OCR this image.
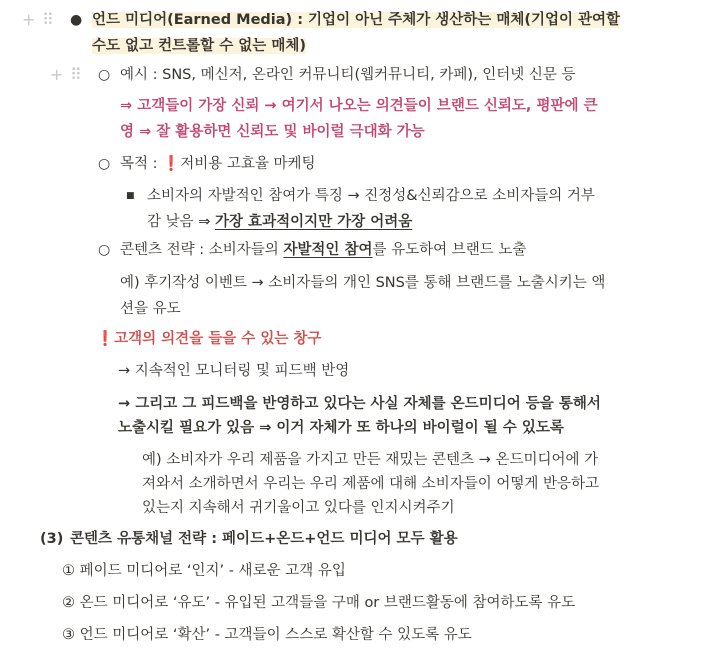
+ ⠿ ● 언드 미디어(Earned Media) : 기업이 아닌 주체가 생산하는 매체(기업이 관여할
수도 없고 컨트롤할 수 없는 매체)
+ ⠿ ○ 예시 : SNS, 메신저, 온라인 커뮤니티(웹커뮤니티, 카페), 인터넷 신문 등
⇒ 고객들이 가장 신뢰 → 여기서 나오는 의견들이 브랜드 신뢰도, 평판에 큰
영 ⇒ 잘 활용하면 신뢰도 및 바이럴 극대화 가능
○ 목적 : ❗저비용 고효율 마케팅
■ 소비자의 자발적인 참여가 특징 → 진정성&신뢰감으로 소비자들의 거부
감 낮음 ⇒ 가장 효과적이지만 가장 어려움
○ 콘텐츠 전략 : 소비자들의 자발적인 참여를 유도하여 브랜드 노출
예) 후기작성 이벤트 → 소비자들의 개인 SNS를 통해 브랜드를 노출시키는 액
션을 유도
❗고객의 의견을 들을 수 있는 창구
→ 지속적인 모니터링 및 피드백 반영
→ 그리고 그 피드백을 반영하고 있다는 사실 자체를 온드미디어 등을 통해서
노출시킬 필요가 있음 ⇒ 이거 자체가 또 하나의 바이럴이 될 수 있도록
예) 소비자가 우리 제품을 가지고 만든 재밌는 콘텐츠 → 온드미디어에 가
져와서 소개하면서 우리는 우리 제품에 대해 소비자들이 어떻게 반응하고
있는지 지속해서 귀기울이고 있다를 인지시켜주기
(3) 콘텐츠 유통채널 전략 : 페이드+온드+언드 미디어 모두 활용
① 페이드 미디어로 ‘인지’ - 새로운 고객 유입
② 온드 미디어로 ‘유도’ - 유입된 고객들을 구매 or 브랜드활동에 참여하도록 유도
③ 언드 미디어로 ‘확산’ - 고객들이 스스로 확산할 수 있도록 유도
